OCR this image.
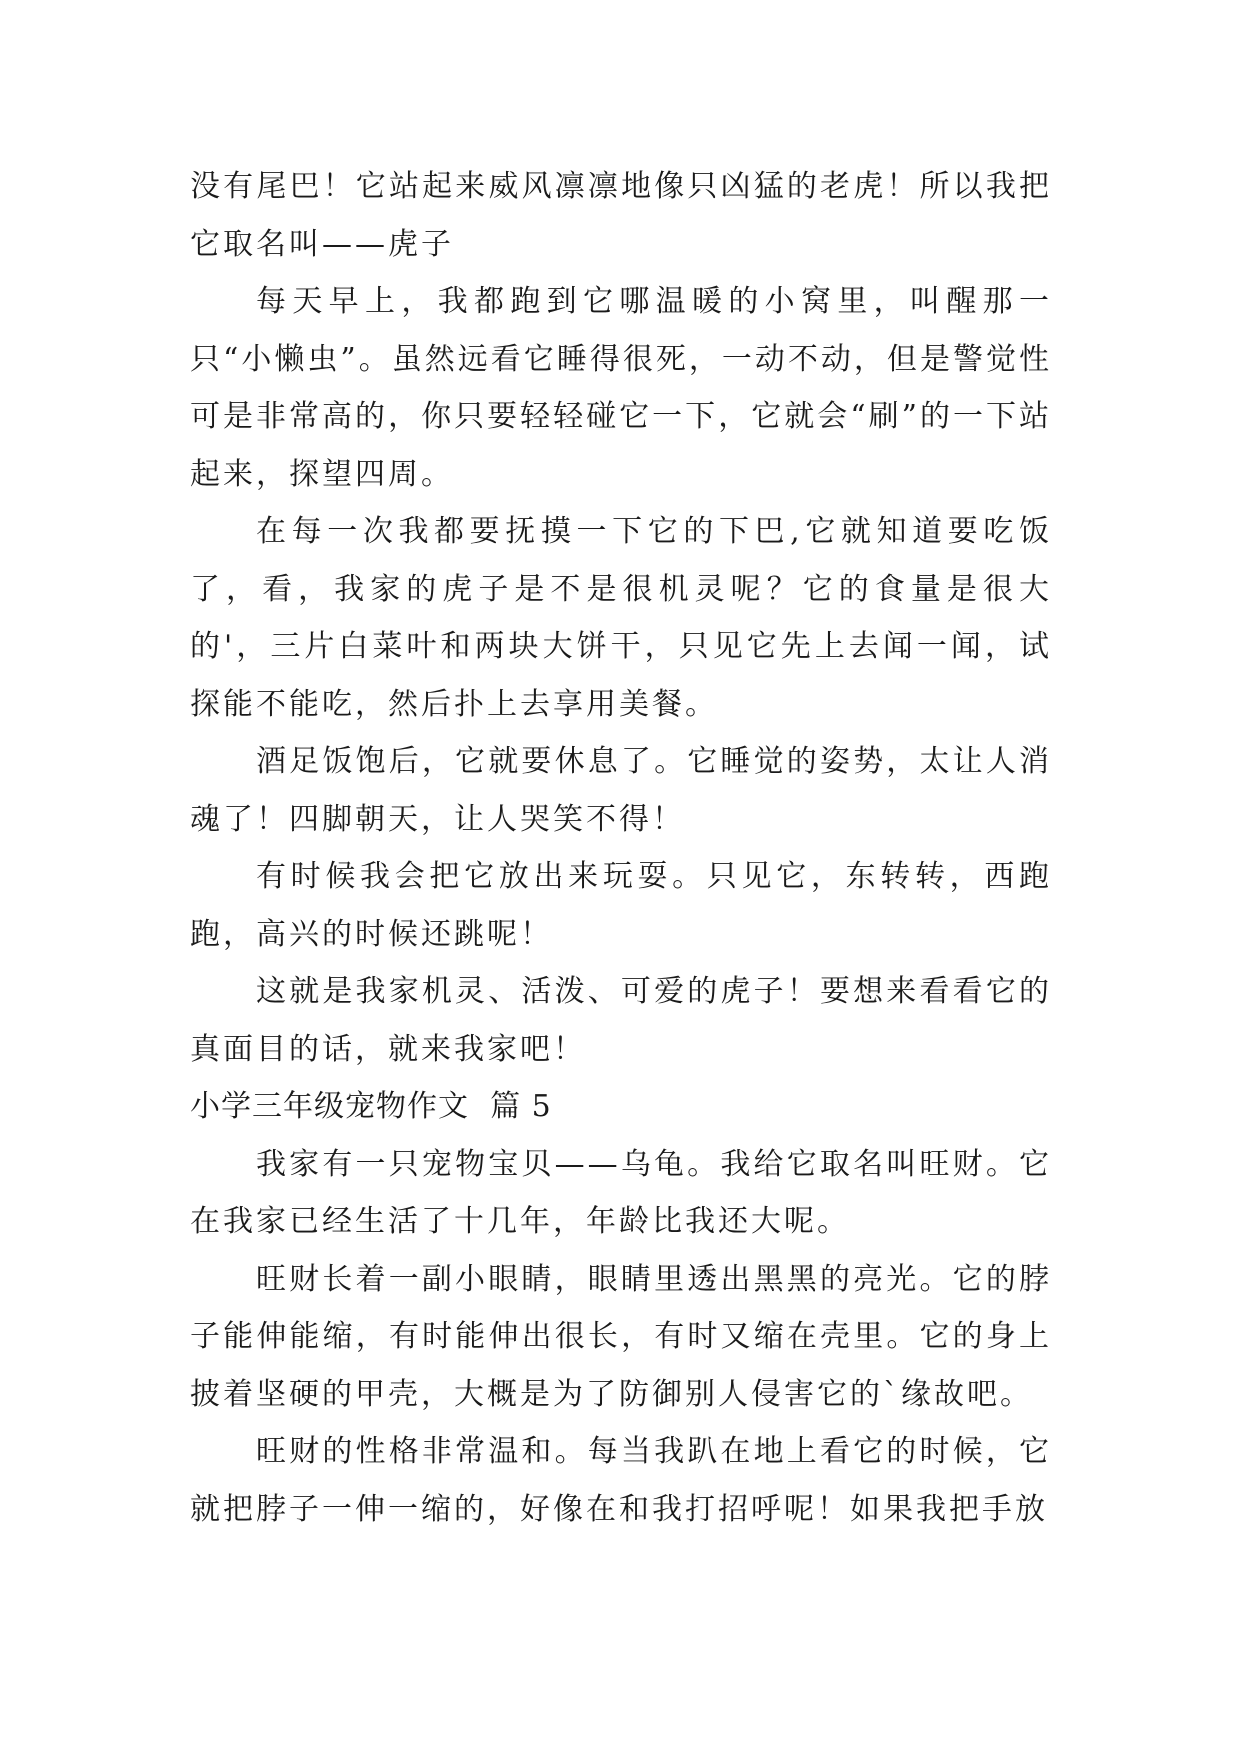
没有尾巴！它站起来威风凛凛地像只凶猛的老虎！所以我把它取名叫——虎子

每天早上，我都跑到它哪温暖的小窝里，叫醒那一只“小懒虫”。虽然远看它睡得很死，一动不动，但是警觉性可是非常高的，你只要轻轻碰它一下，它就会“刷”的一下站起来，探望四周。

在每一次我都要抚摸一下它的下巴,它就知道要吃饭了，看，我家的虎子是不是很机灵呢？它的食量是很大的'，三片白菜叶和两块大饼干，只见它先上去闻一闻，试探能不能吃，然后扑上去享用美餐。

酒足饭饱后，它就要休息了。它睡觉的姿势，太让人消魂了！四脚朝天，让人哭笑不得！

有时候我会把它放出来玩耍。只见它，东转转，西跑跑，高兴的时候还跳呢！

这就是我家机灵、活泼、可爱的虎子！要想来看看它的真面目的话，就来我家吧！

小学三年级宠物作文  篇 5

我家有一只宠物宝贝——乌龟。我给它取名叫旺财。它在我家已经生活了十几年，年龄比我还大呢。

旺财长着一副小眼睛，眼睛里透出黑黑的亮光。它的脖子能伸能缩，有时能伸出很长，有时又缩在壳里。它的身上披着坚硬的甲壳，大概是为了防御别人侵害它的`缘故吧。

旺财的性格非常温和。每当我趴在地上看它的时候，它就把脖子一伸一缩的，好像在和我打招呼呢！如果我把手放
